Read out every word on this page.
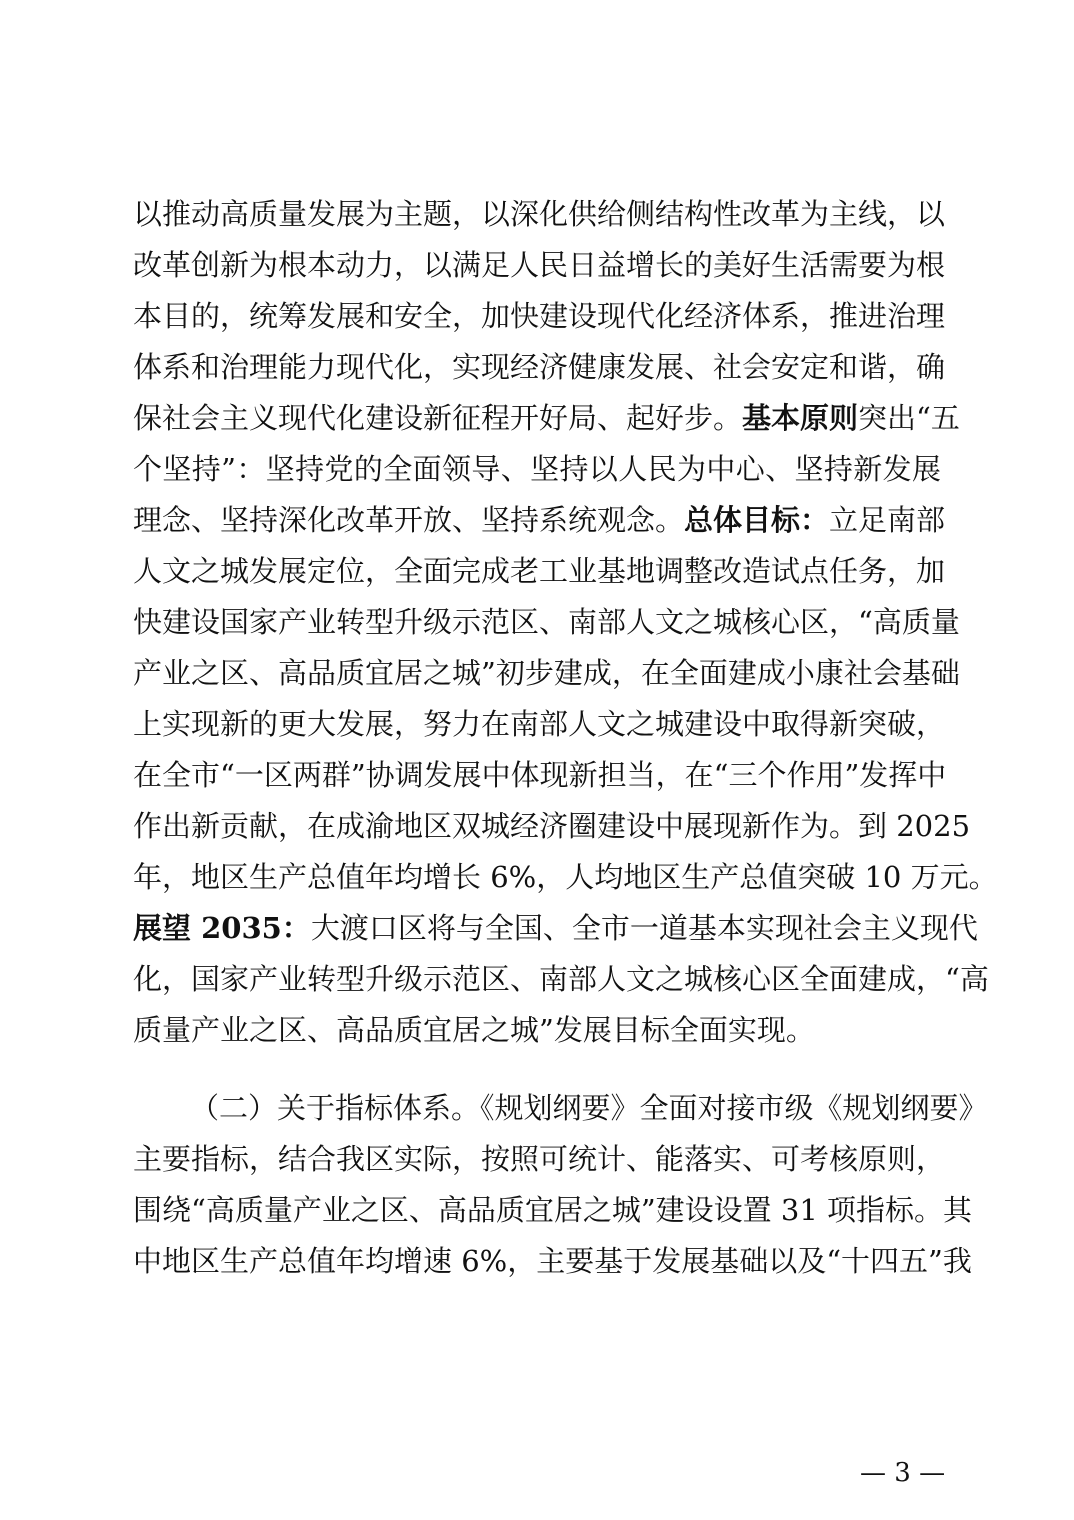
以推动高质量发展为主题，以深化供给侧结构性改革为主线，以
改革创新为根本动力，以满足人民日益增长的美好生活需要为根
本目的，统筹发展和安全，加快建设现代化经济体系，推进治理
体系和治理能力现代化，实现经济健康发展、社会安定和谐，确
保社会主义现代化建设新征程开好局、起好步。基本原则突出“五
个坚持”：坚持党的全面领导、坚持以人民为中心、坚持新发展
理念、坚持深化改革开放、坚持系统观念。总体目标：立足南部
人文之城发展定位，全面完成老工业基地调整改造试点任务，加
快建设国家产业转型升级示范区、南部人文之城核心区，“高质量
产业之区、高品质宜居之城”初步建成，在全面建成小康社会基础
上实现新的更大发展，努力在南部人文之城建设中取得新突破，
在全市“一区两群”协调发展中体现新担当，在“三个作用”发挥中
作出新贡献，在成渝地区双城经济圈建设中展现新作为。到 2025
年，地区生产总值年均增长 6%，人均地区生产总值突破 10 万元。
展望 2035：大渡口区将与全国、全市一道基本实现社会主义现代
化，国家产业转型升级示范区、南部人文之城核心区全面建成，“高
质量产业之区、高品质宜居之城”发展目标全面实现。
（二）关于指标体系。《规划纲要》全面对接市级《规划纲要》
主要指标，结合我区实际，按照可统计、能落实、可考核原则，
围绕“高质量产业之区、高品质宜居之城”建设设置 31 项指标。其
中地区生产总值年均增速 6%，主要基于发展基础以及“十四五”我
— 3 —
